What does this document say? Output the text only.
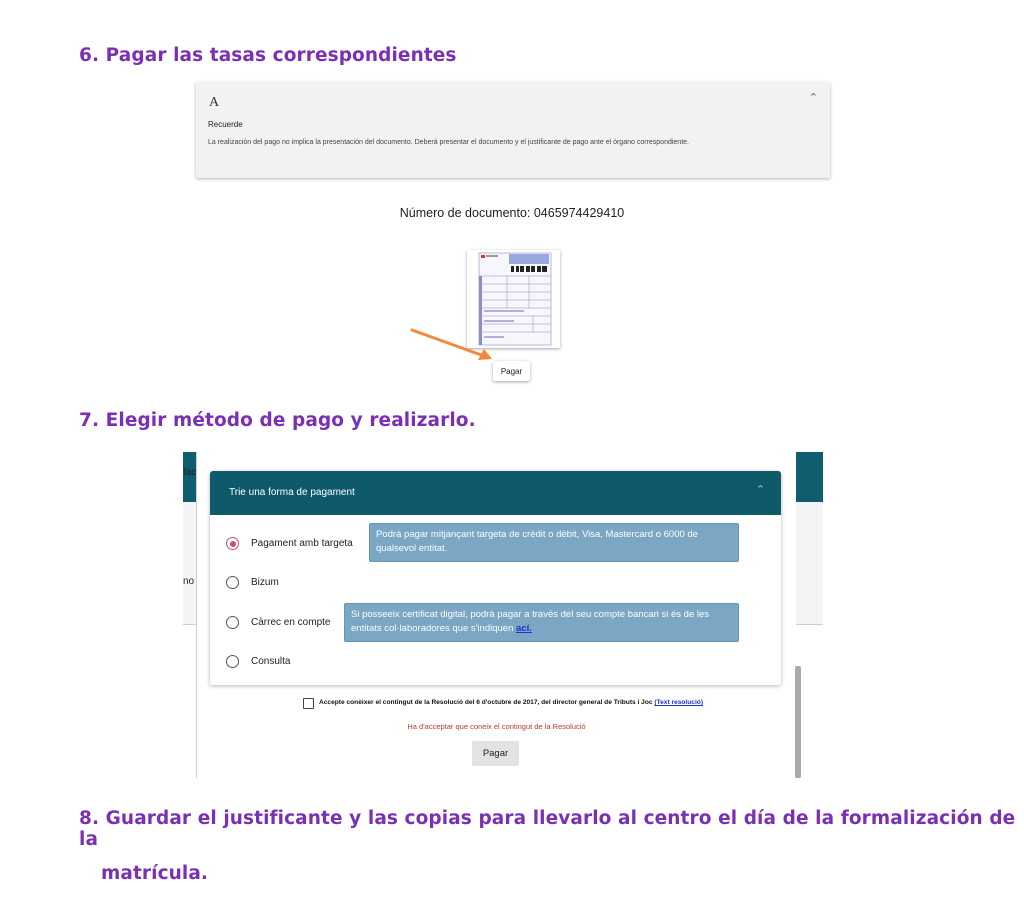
6. Pagar las tasas correspondientes
A	⌃
Recuerde
La realización del pago no implica la presentación del documento. Deberá presentar el documento y el justificante de pago ante el órgano correspondiente.
Número de documento: 0465974429410
Pagar
7. Elegir método de pago y realizarlo.
tac
no
Trie una forma de pagament	⌃
Pagament amb targeta
Podrà pagar mitjançant targeta de crèdit o dèbit, Visa, Mastercard o 6000 de qualsevol entitat.
Bizum
Càrrec en compte
Si posseeix certificat digital, podrà pagar a través del seu compte bancari si és de les entitats col·laboradores que s'indiquen ací.
Consulta
Accepte conèixer el contingut de la Resolució del 6 d'octubre de 2017, del director general de Tributs i Joc (Text resolució)
Ha d'acceptar que coneix el contingut de la Resolució
Pagar
8. Guardar el justificante y las copias para llevarlo al centro el día de la formalización de la
matrícula.
